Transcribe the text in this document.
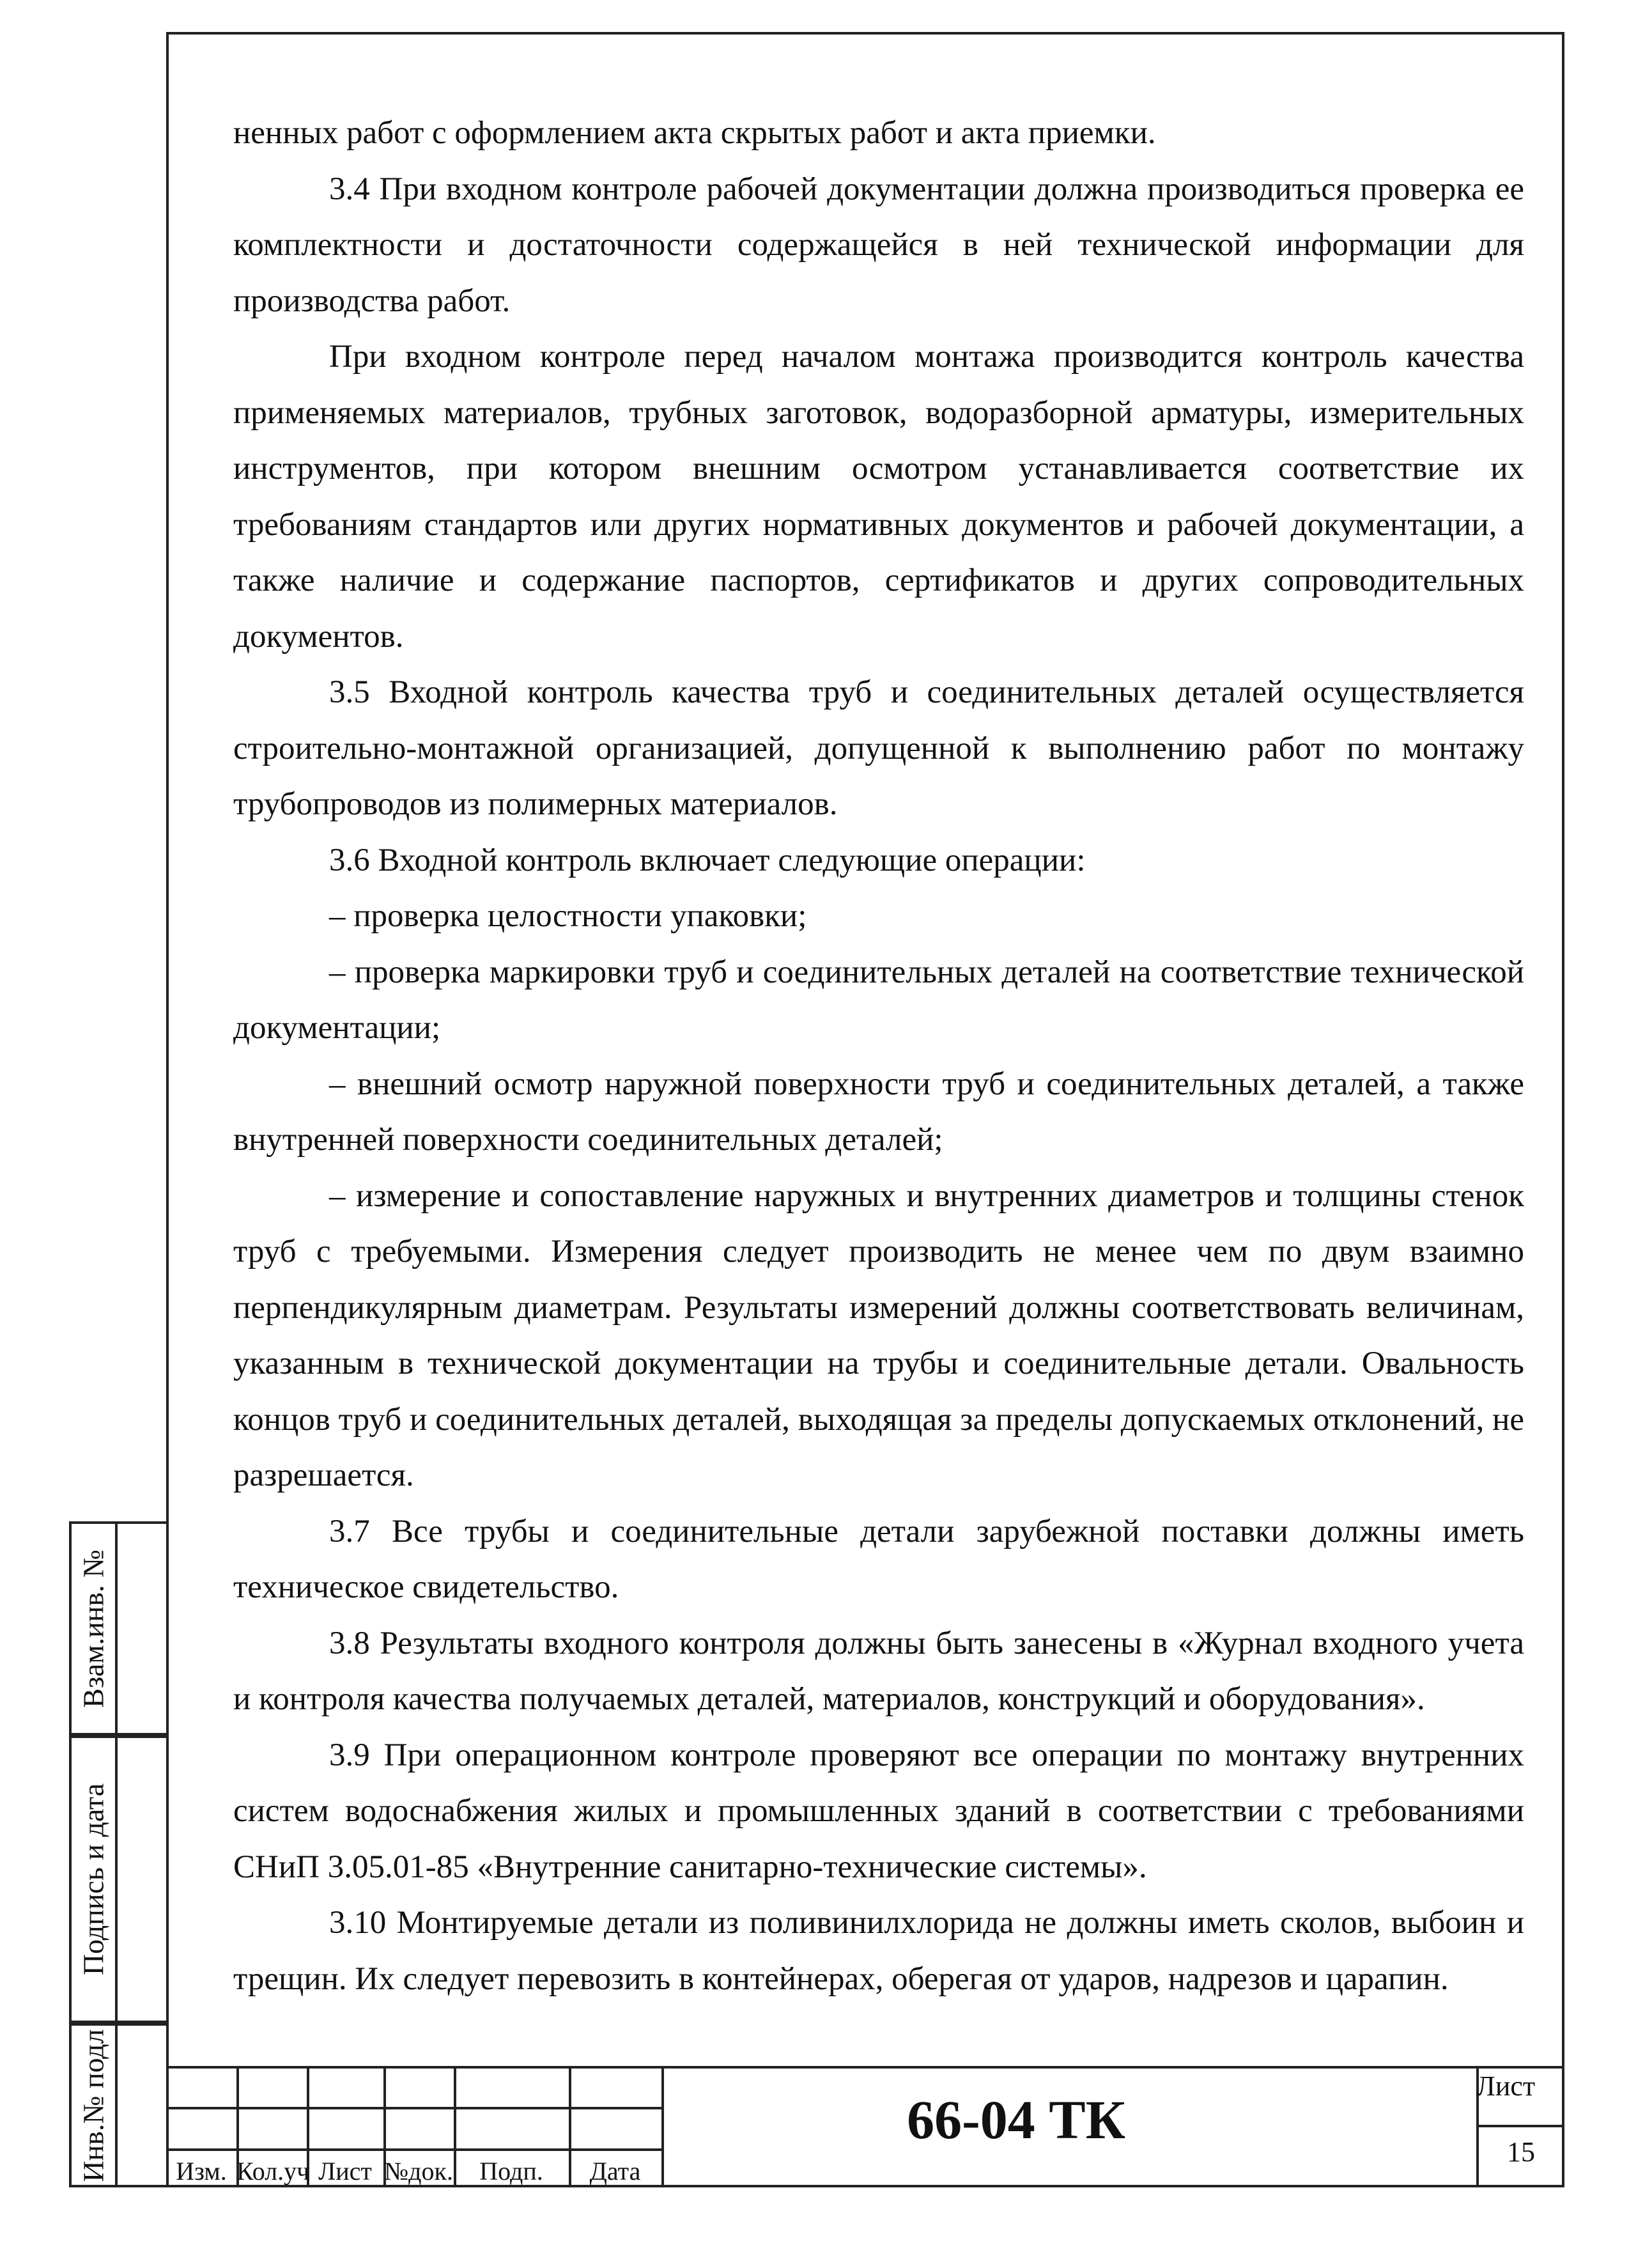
ненных работ с оформлением акта скрытых работ и акта приемки.

3.4 При входном контроле рабочей документации должна производиться проверка ее комплектности и достаточности содержащейся в ней технической информации для производства работ.

При входном контроле перед началом монтажа производится контроль качества применяемых материалов, трубных заготовок, водоразборной арматуры, измерительных инструментов, при котором внешним осмотром устанавливается соответствие их требованиям стандартов или других нормативных документов и рабочей документации, а также наличие и содержание паспортов, сертификатов и других сопроводительных документов.

3.5 Входной контроль качества труб и соединительных деталей осуществляется строительно-монтажной организацией, допущенной к выполнению работ по монтажу трубопроводов из полимерных материалов.

3.6 Входной контроль включает следующие операции:

– проверка целостности упаковки;

– проверка маркировки труб и соединительных деталей на соответствие технической документации;

– внешний осмотр наружной поверхности труб и соединительных деталей, а также внутренней поверхности соединительных деталей;

– измерение и сопоставление наружных и внутренних диаметров и толщины стенок труб с требуемыми. Измерения следует производить не менее чем по двум взаимно перпендикулярным диаметрам. Результаты измерений должны соответствовать величинам, указанным в технической документации на трубы и соединительные детали. Овальность концов труб и соединительных деталей, выходящая за пределы допускаемых отклонений, не разрешается.

3.7 Все трубы и соединительные детали зарубежной поставки должны иметь техническое свидетельство.

3.8 Результаты входного контроля должны быть занесены в «Журнал входного учета и контроля качества получаемых деталей, материалов, конструкций и оборудования».

3.9 При операционном контроле проверяют все операции по монтажу внутренних систем водоснабжения жилых и промышленных зданий в соответствии с требованиями СНиП 3.05.01-85 «Внутренние санитарно-технические системы».

3.10 Монтируемые детали из поливинилхлорида не должны иметь сколов, выбоин и трещин. Их следует перевозить в контейнерах, оберегая от ударов, надрезов и царапин.

Взам.инв. №
Подпись и дата
Инв.№ подл	Изм. Кол.уч Лист №док.	Подп.	Дата
66-04 ТК
Лист
15
